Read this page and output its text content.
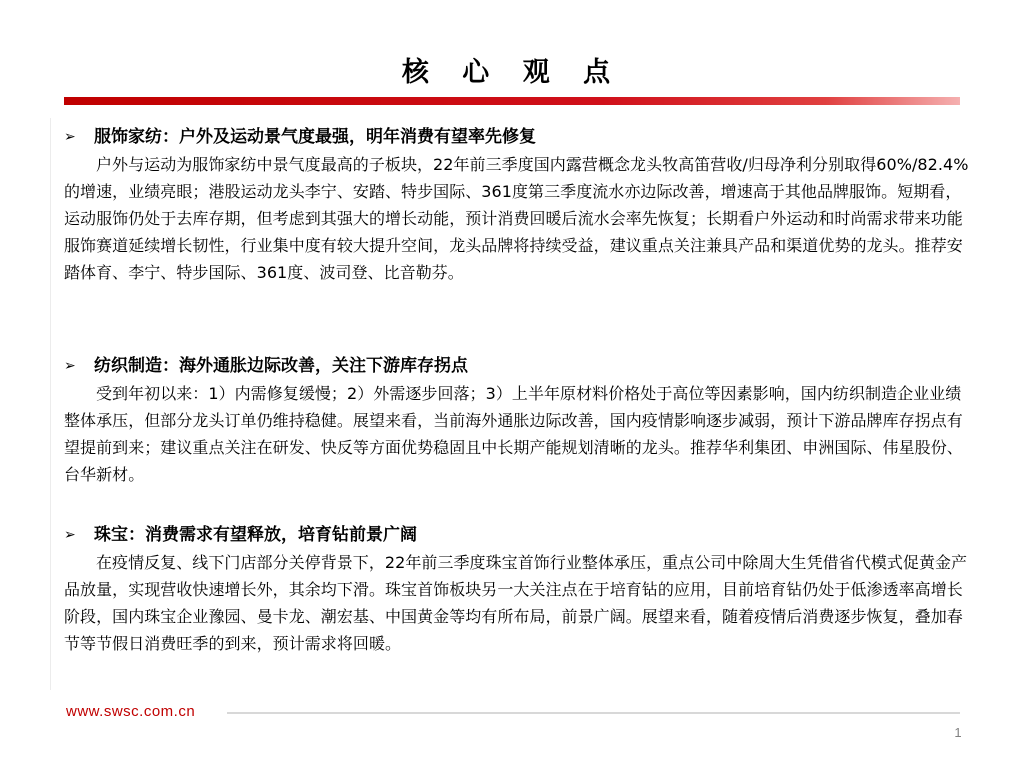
核 心 观 点
➢ 服饰家纺：户外及运动景气度最强，明年消费有望率先修复

户外与运动为服饰家纺中景气度最高的子板块，22年前三季度国内露营概念龙头牧高笛营收/归母净利分别取得60%/82.4%的增速，业绩亮眼；港股运动龙头李宁、安踏、特步国际、361度第三季度流水亦边际改善，增速高于其他品牌服饰。短期看，运动服饰仍处于去库存期，但考虑到其强大的增长动能，预计消费回暖后流水会率先恢复；长期看户外运动和时尚需求带来功能服饰赛道延续增长韧性，行业集中度有较大提升空间，龙头品牌将持续受益，建议重点关注兼具产品和渠道优势的龙头。推荐安踏体育、李宁、特步国际、361度、波司登、比音勒芬。

➢ 纺织制造：海外通胀边际改善，关注下游库存拐点

受到年初以来：1）内需修复缓慢；2）外需逐步回落；3）上半年原材料价格处于高位等因素影响，国内纺织制造企业业绩整体承压，但部分龙头订单仍维持稳健。展望来看，当前海外通胀边际改善，国内疫情影响逐步减弱，预计下游品牌库存拐点有望提前到来；建议重点关注在研发、快反等方面优势稳固且中长期产能规划清晰的龙头。推荐华利集团、申洲国际、伟星股份、台华新材。

➢ 珠宝：消费需求有望释放，培育钻前景广阔

在疫情反复、线下门店部分关停背景下，22年前三季度珠宝首饰行业整体承压，重点公司中除周大生凭借省代模式促黄金产品放量，实现营收快速增长外，其余均下滑。珠宝首饰板块另一大关注点在于培育钻的应用，目前培育钻仍处于低渗透率高增长阶段，国内珠宝企业豫园、曼卡龙、潮宏基、中国黄金等均有所布局，前景广阔。展望来看，随着疫情后消费逐步恢复，叠加春节等节假日消费旺季的到来，预计需求将回暖。

www.swsc.com.cn
1
